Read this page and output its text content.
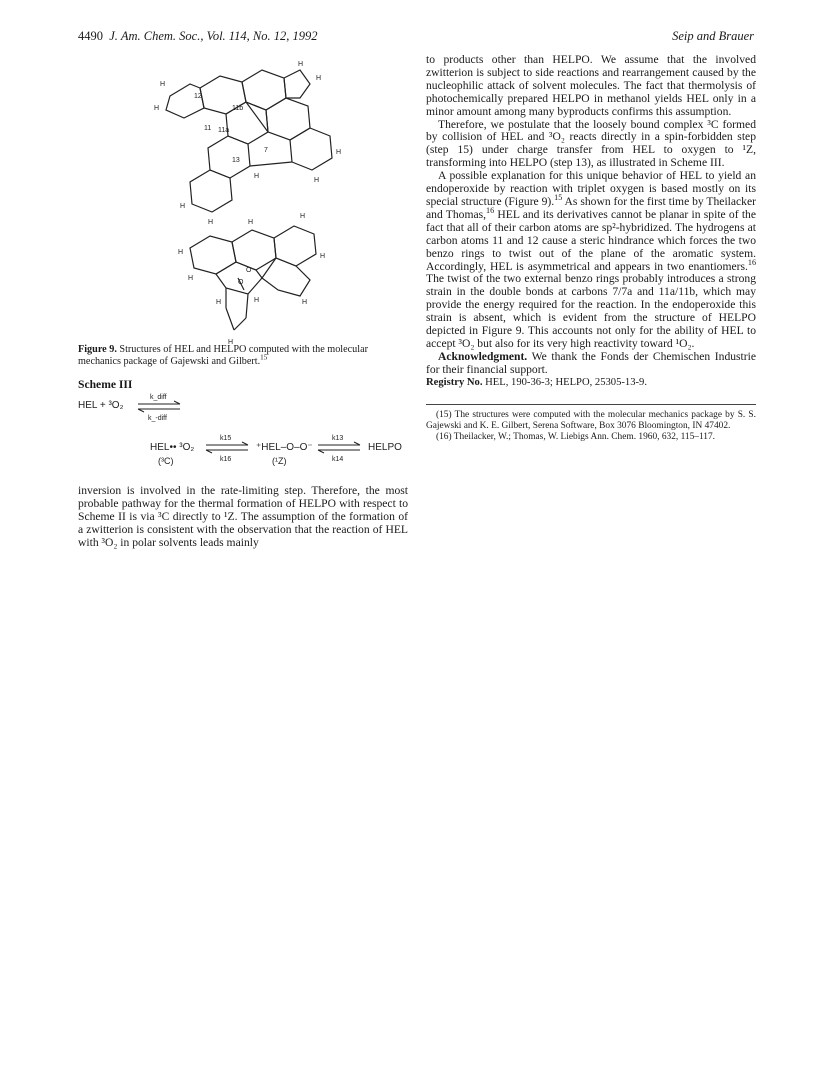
4490 J. Am. Chem. Soc., Vol. 114, No. 12, 1992	Seip and Brauer
12
11b
11a
11
13
7
H
H
H
H
H
H
H
H
H
O
O
H
H
H
H
H
H
H
H
H
Figure 9. Structures of HEL and HELPO computed with the molecular mechanics package of Gajewski and Gilbert.$^{15}$
Scheme III
HEL + ³O₂
k_diff
k_-diff
HEL•• ³O₂
(³C)
k15
k16
⁺HEL–O–O⁻
(¹Z)
k13
k14
HELPO

inversion is involved in the rate-limiting step. Therefore, the most probable pathway for the thermal formation of HELPO with respect to Scheme II is via ³C directly to ¹Z. The assumption of the formation of a zwitterion is consistent with the observation that the reaction of HEL with ³O₂ in polar solvents leads mainly

to products other than HELPO. We assume that the involved zwitterion is subject to side reactions and rearrangement caused by the nucleophilic attack of solvent molecules. The fact that thermolysis of photochemically prepared HELPO in methanol yields HEL only in a minor amount among many byproducts confirms this assumption.

Therefore, we postulate that the loosely bound complex ³C formed by collision of HEL and ³O₂ reacts directly in a spin-forbidden step (step 15) under charge transfer from HEL to oxygen to ¹Z, transforming into HELPO (step 13), as illustrated in Scheme III.

A possible explanation for this unique behavior of HEL to yield an endoperoxide by reaction with triplet oxygen is based mostly on its special structure (Figure 9).$^{15}$ As shown for the first time by Theilacker and Thomas,$^{16}$ HEL and its derivatives cannot be planar in spite of the fact that all of their carbon atoms are sp²-hybridized. The hydrogens at carbon atoms 11 and 12 cause a steric hindrance which forces the two benzo rings to twist out of the plane of the aromatic system. Accordingly, HEL is asymmetrical and appears in two enantiomers.$^{16}$ The twist of the two external benzo rings probably introduces a strong strain in the double bonds at carbons 7/7a and 11a/11b, which may provide the energy required for the reaction. In the endoperoxide this strain is absent, which is evident from the structure of HELPO depicted in Figure 9. This accounts not only for the ability of HEL to accept ³O₂ but also for its very high reactivity toward ¹O₂.

Acknowledgment. We thank the Fonds der Chemischen Industrie for their financial support.

Registry No. HEL, 190-36-3; HELPO, 25305-13-9.

(15) The structures were computed with the molecular mechanics package by S. S. Gajewski and K. E. Gilbert, Serena Software, Box 3076 Bloomington, IN 47402.

(16) Theilacker, W.; Thomas, W. Liebigs Ann. Chem. 1960, 632, 115–117.
